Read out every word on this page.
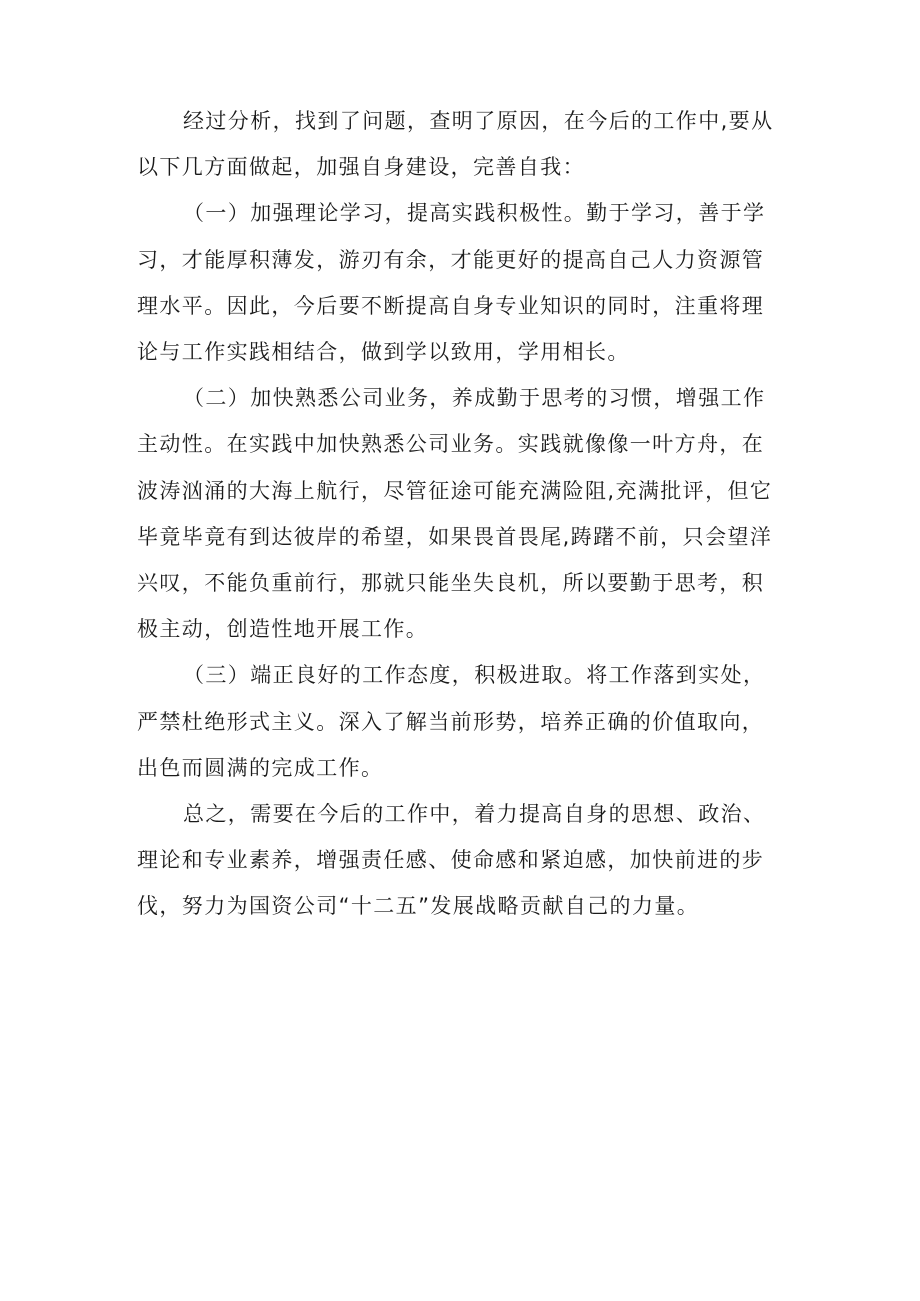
经过分析，找到了问题，查明了原因，在今后的工作中,要从
以下几方面做起，加强自身建设，完善自我：

（一）加强理论学习，提高实践积极性。勤于学习，善于学
习，才能厚积薄发，游刃有余，才能更好的提高自己人力资源管
理水平。因此，今后要不断提高自身专业知识的同时，注重将理
论与工作实践相结合，做到学以致用，学用相长。

（二）加快熟悉公司业务，养成勤于思考的习惯，增强工作
主动性。在实践中加快熟悉公司业务。实践就像像一叶方舟，在
波涛汹涌的大海上航行，尽管征途可能充满险阻,充满批评，但它
毕竟毕竟有到达彼岸的希望，如果畏首畏尾,踌躇不前，只会望洋
兴叹，不能负重前行，那就只能坐失良机，所以要勤于思考，积
极主动，创造性地开展工作。

（三）端正良好的工作态度，积极进取。将工作落到实处，
严禁杜绝形式主义。深入了解当前形势，培养正确的价值取向，
出色而圆满的完成工作。

总之，需要在今后的工作中，着力提高自身的思想、政治、
理论和专业素养，增强责任感、使命感和紧迫感，加快前进的步
伐，努力为国资公司“十二五”发展战略贡献自己的力量。
